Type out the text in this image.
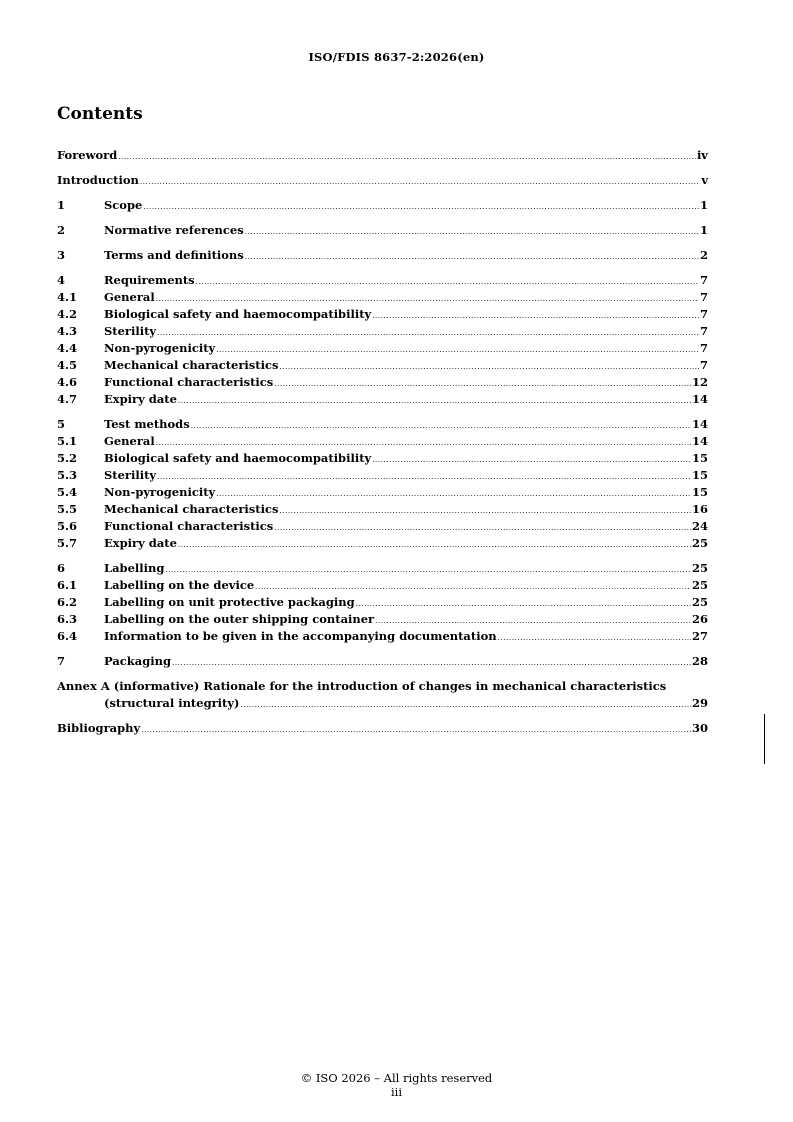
ISO/FDIS 8637-2:2026(en)
Contents
Foreword .....	iv
Introduction .....	v
1	Scope .....	1
2	Normative references .....	1
3	Terms and definitions .....	2
4	Requirements .....	7
4.1	General .....	7
4.2	Biological safety and haemocompatibility .....	7
4.3	Sterility .....	7
4.4	Non-pyrogenicity .....	7
4.5	Mechanical characteristics .....	7
4.6	Functional characteristics .....	12
4.7	Expiry date .....	14
5	Test methods .....	14
5.1	General .....	14
5.2	Biological safety and haemocompatibility .....	15
5.3	Sterility .....	15
5.4	Non-pyrogenicity .....	15
5.5	Mechanical characteristics .....	16
5.6	Functional characteristics .....	24
5.7	Expiry date .....	25
6	Labelling .....	25
6.1	Labelling on the device .....	25
6.2	Labelling on unit protective packaging .....	25
6.3	Labelling on the outer shipping container .....	26
6.4	Information to be given in the accompanying documentation .....	27
7	Packaging .....	28
Annex A (informative) Rationale for the introduction of changes in mechanical characteristics
(structural integrity) .....	29
Bibliography .....	30
© ISO 2026 – All rights reserved
iii
